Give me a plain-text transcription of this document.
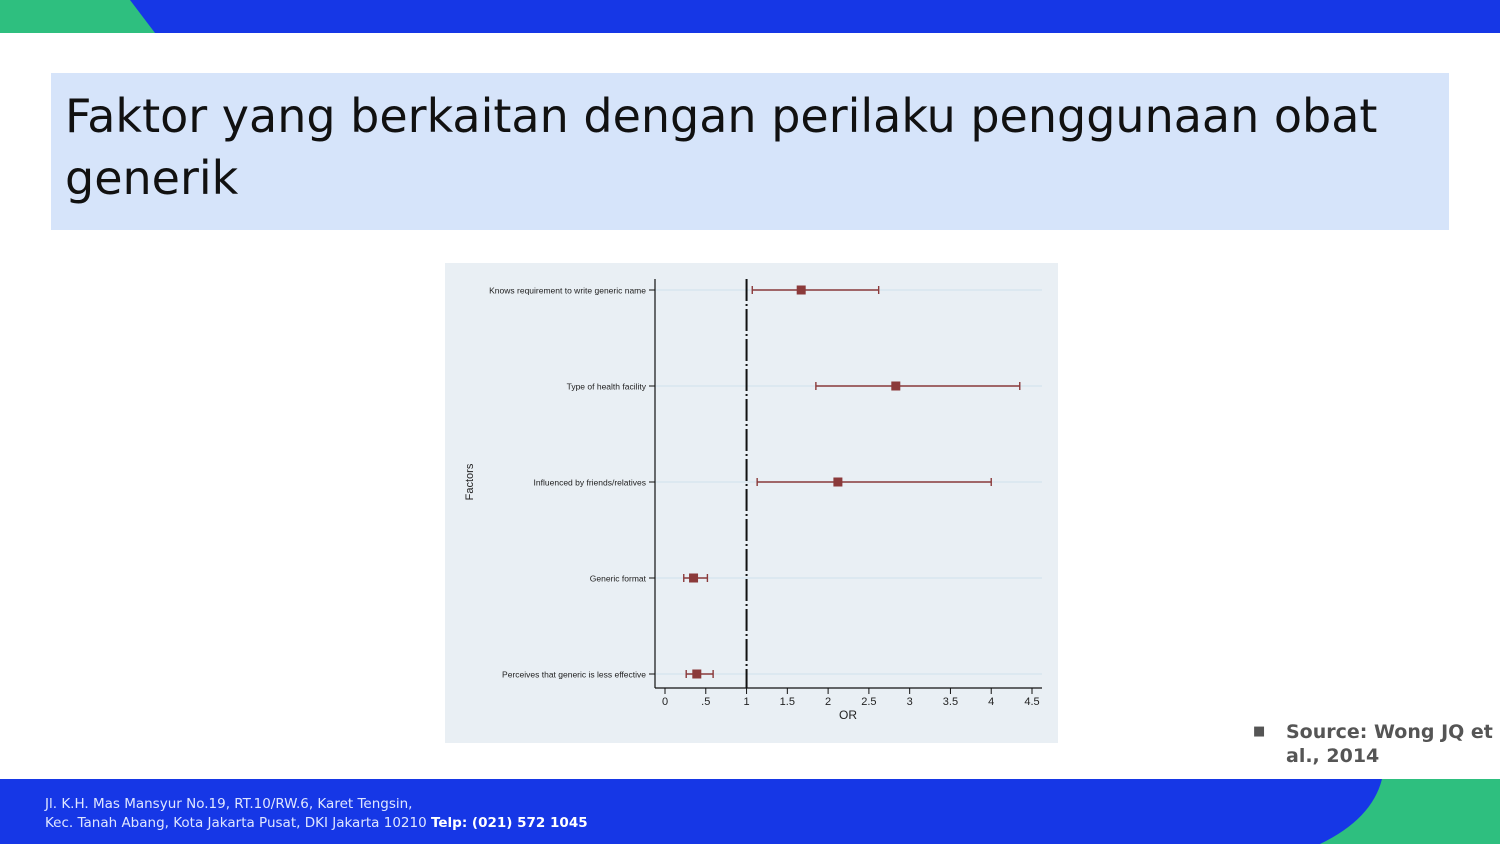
Faktor yang berkaitan dengan perilaku penggunaan obat generik
0	.5	1	1.5	2	2.5	3	3.5	4	4.5
Knows requirement to write generic name
Type of health facility
Influenced by friends/relatives
Generic format
Perceives that generic is less effective
OR
Factors
■ Source: Wong JQ et al., 2014
Jl. K.H. Mas Mansyur No.19, RT.10/RW.6, Karet Tengsin,
Kec. Tanah Abang, Kota Jakarta Pusat, DKI Jakarta 10210 Telp: (021) 572 1045
